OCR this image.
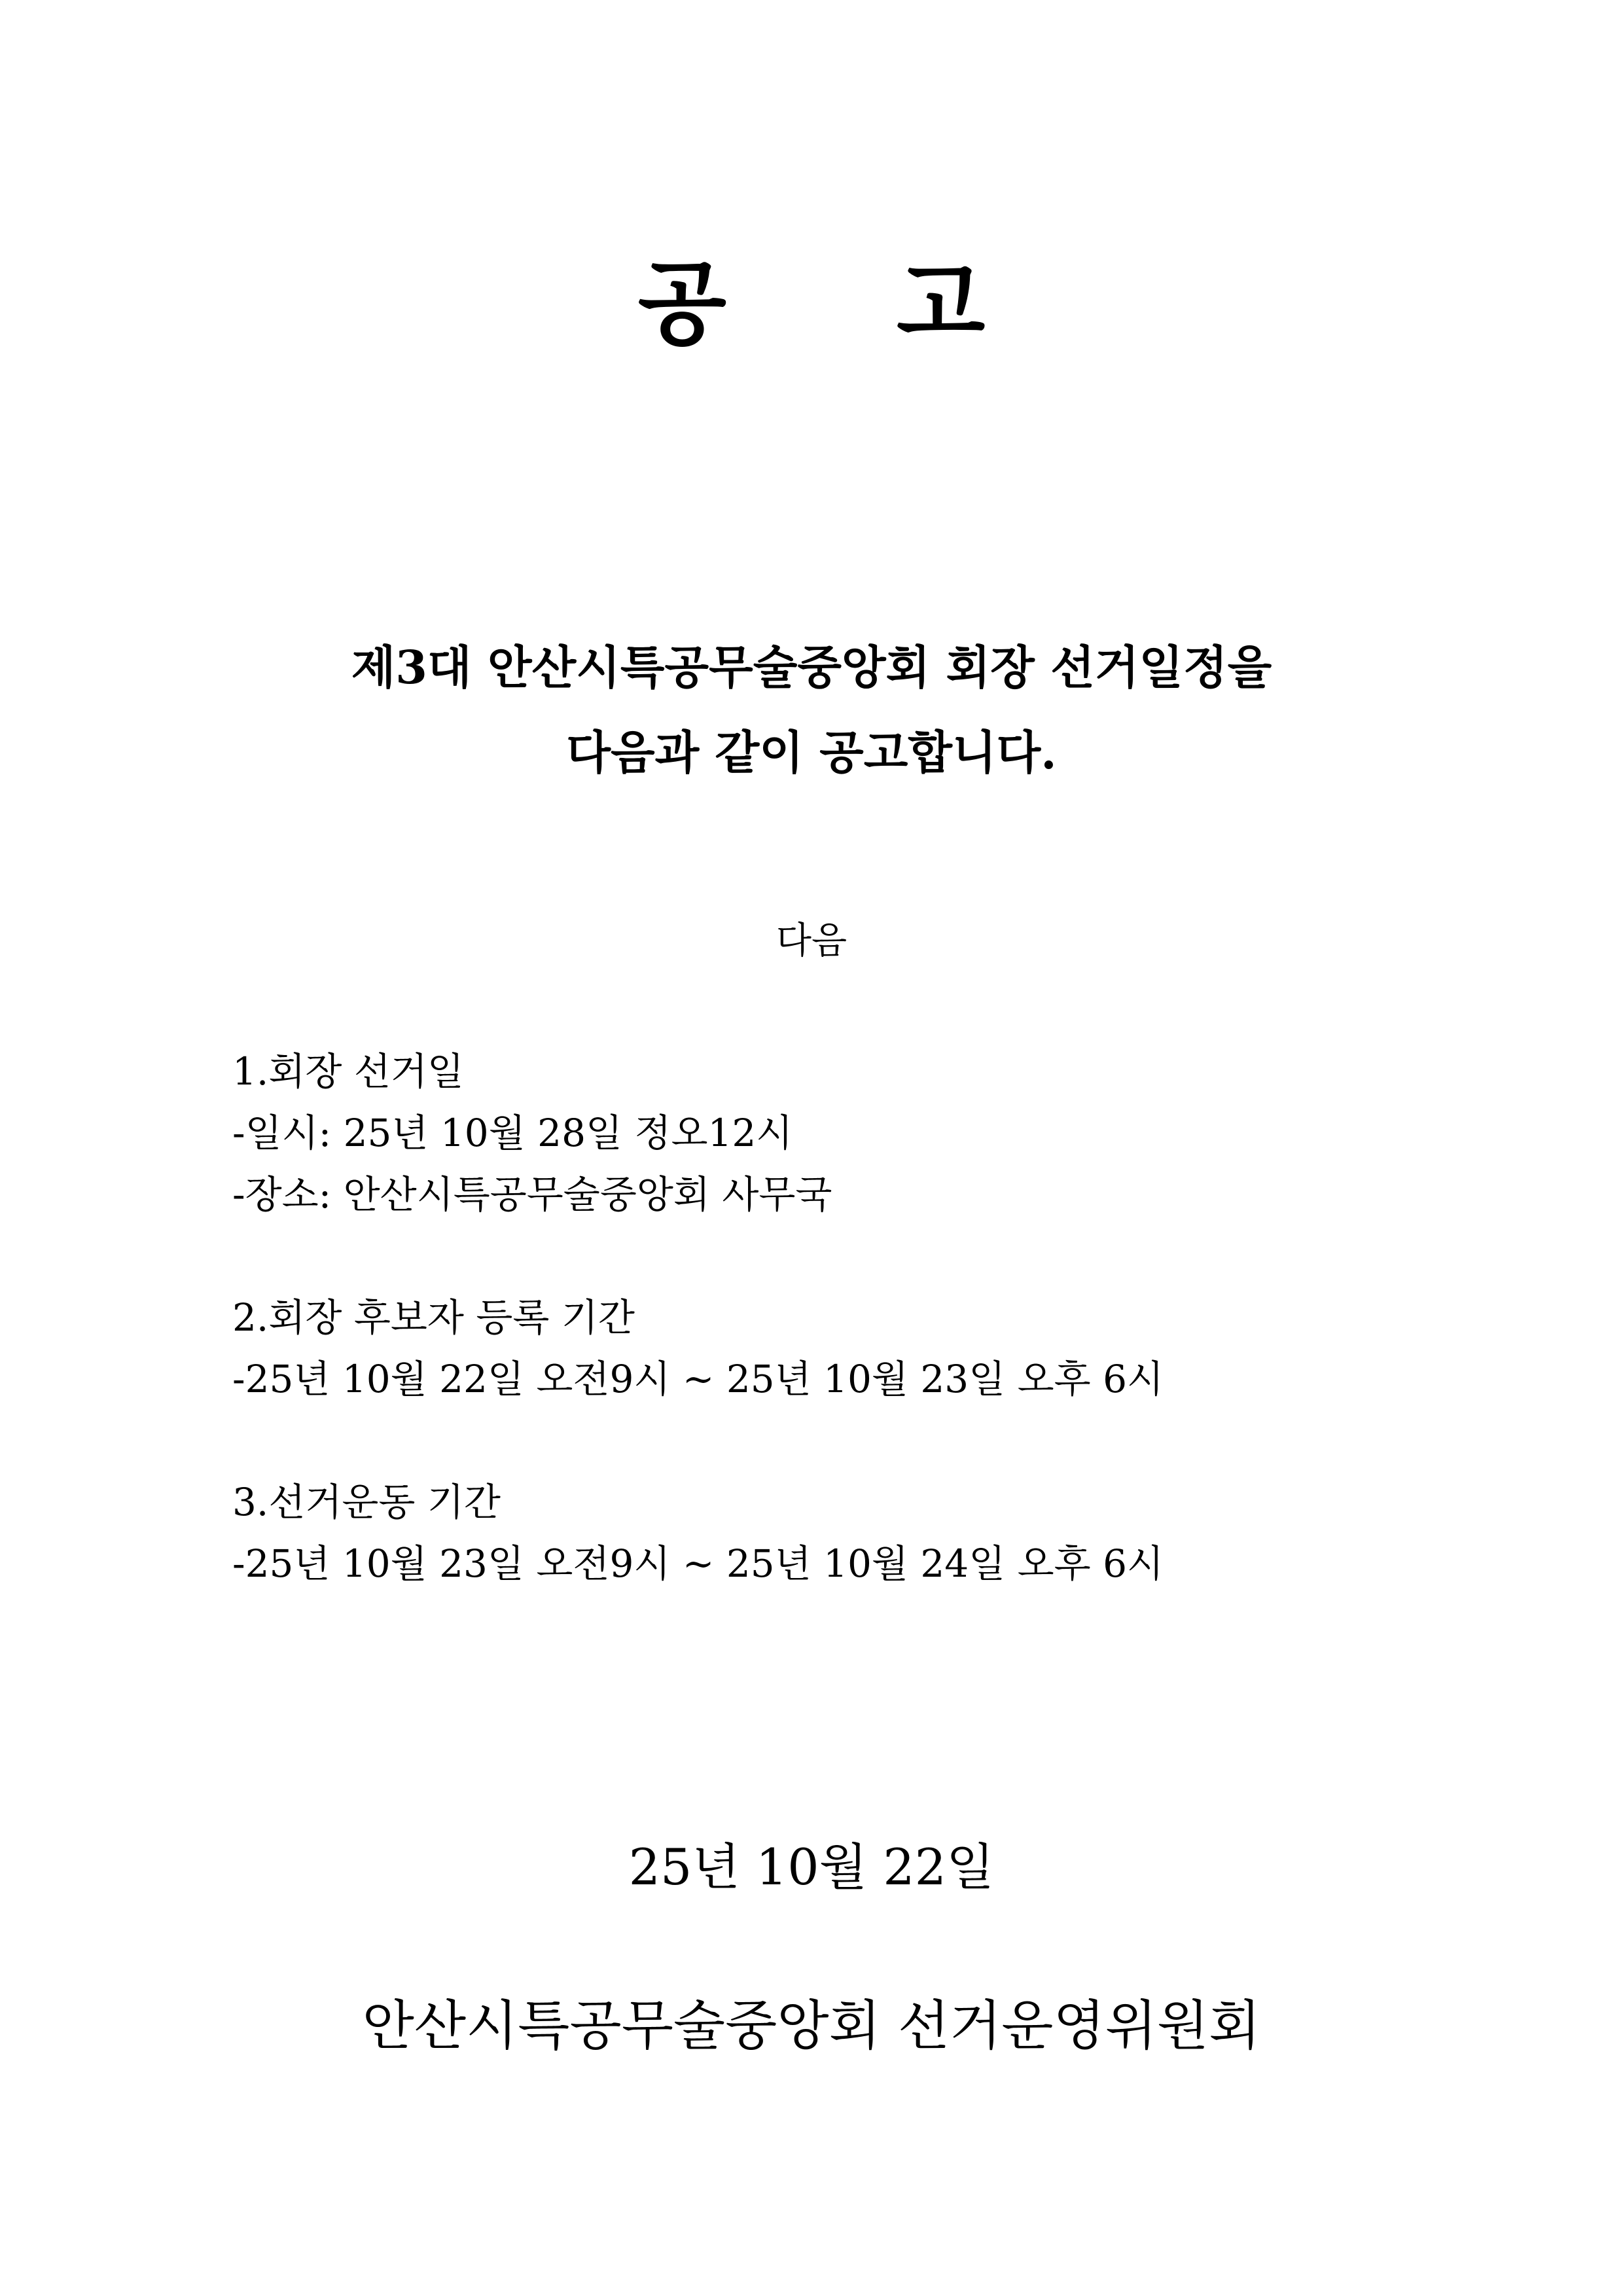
공 고
제3대 안산시특공무술중앙회 회장 선거일정을
다음과 같이 공고합니다.
다음
1.회장 선거일
-일시: 25년 10월 28일 정오12시
-장소: 안산시특공무술중앙회 사무국
2.회장 후보자 등록 기간
-25년 10월 22일 오전9시 ~ 25년 10월 23일 오후 6시
3.선거운동 기간
-25년 10월 23일 오전9시 ~ 25년 10월 24일 오후 6시
25년 10월 22일
안산시특공무술중앙회 선거운영위원회
